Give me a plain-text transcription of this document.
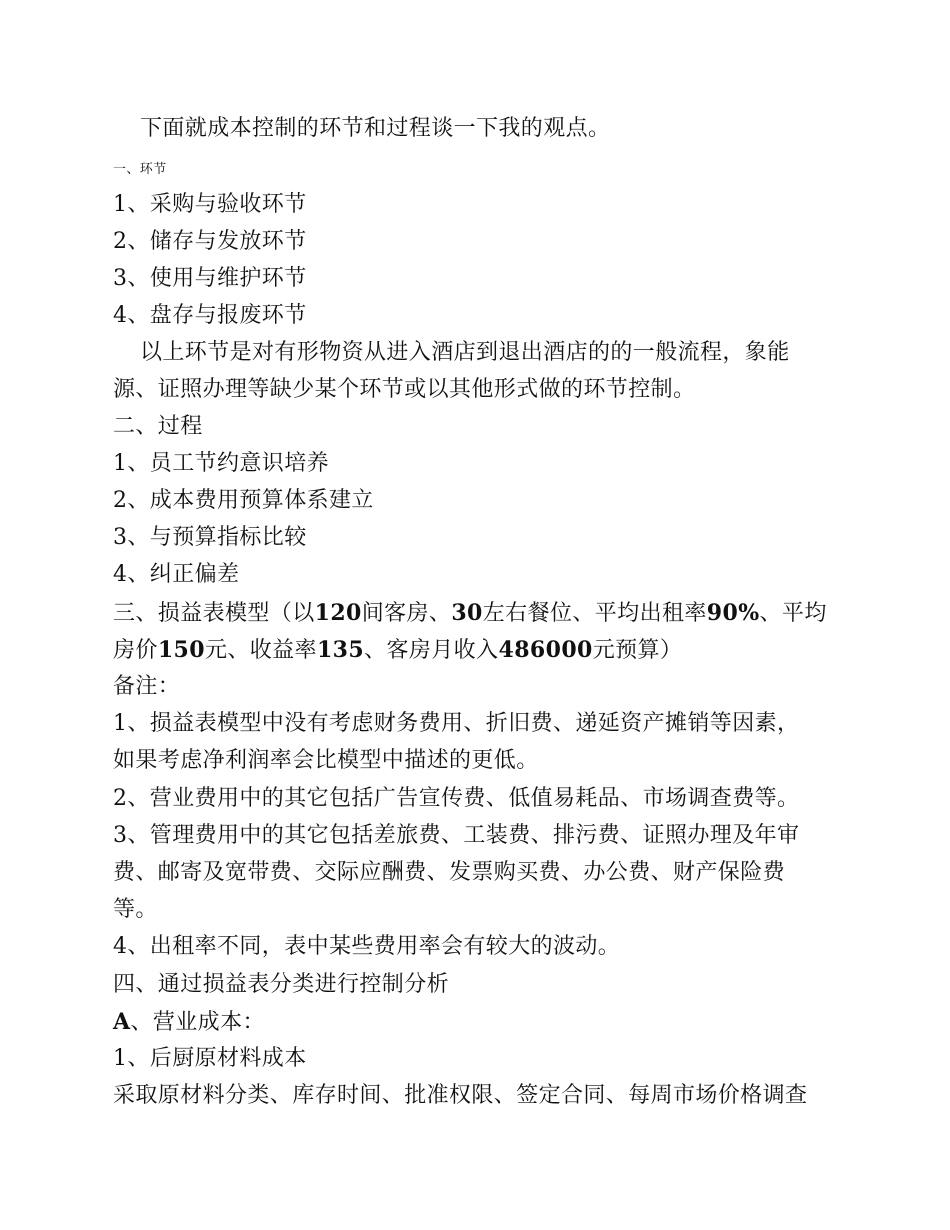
下面就成本控制的环节和过程谈一下我的观点。
一、环节
1、采购与验收环节
2、储存与发放环节
3、使用与维护环节
4、盘存与报废环节
以上环节是对有形物资从进入酒店到退出酒店的的一般流程，象能
源、证照办理等缺少某个环节或以其他形式做的环节控制。
二、过程
1、员工节约意识培养
2、成本费用预算体系建立
3、与预算指标比较
4、纠正偏差
三、损益表模型（以120间客房、30左右餐位、平均出租率90%、平均
房价150元、收益率135、客房月收入486000元预算）
备注：
1、损益表模型中没有考虑财务费用、折旧费、递延资产摊销等因素，
如果考虑净利润率会比模型中描述的更低。
2、营业费用中的其它包括广告宣传费、低值易耗品、市场调查费等。
3、管理费用中的其它包括差旅费、工装费、排污费、证照办理及年审
费、邮寄及宽带费、交际应酬费、发票购买费、办公费、财产保险费
等。
4、出租率不同，表中某些费用率会有较大的波动。
四、通过损益表分类进行控制分析
A、营业成本：
1、后厨原材料成本
采取原材料分类、库存时间、批准权限、签定合同、每周市场价格调查
